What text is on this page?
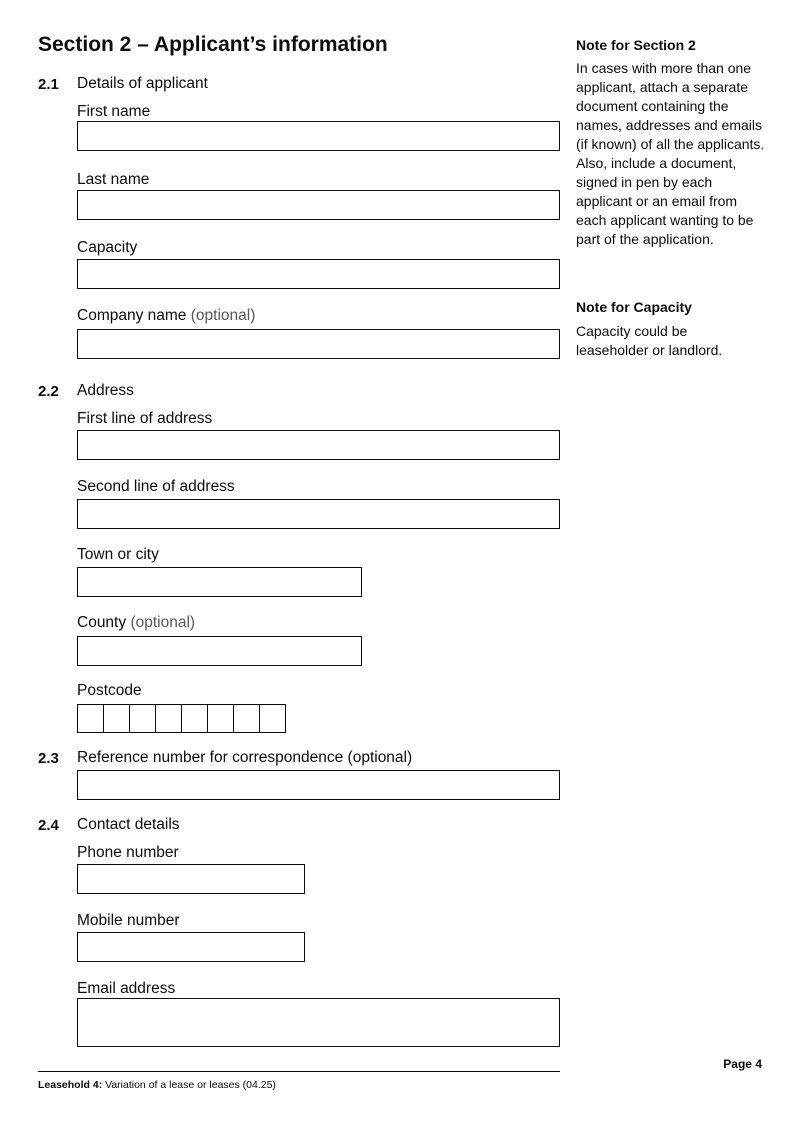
Section 2 – Applicant’s information
2.1 Details of applicant
First name
Last name
Capacity
Company name (optional)
2.2 Address
First line of address
Second line of address
Town or city
County (optional)
Postcode
2.3 Reference number for correspondence (optional)
2.4 Contact details
Phone number
Mobile number
Email address
Note for Section 2
In cases with more than one applicant, attach a separate document containing the names, addresses and emails (if known) of all the applicants. Also, include a document, signed in pen by each applicant or an email from each applicant wanting to be part of the application.
Note for Capacity
Capacity could be leaseholder or landlord.
Page 4
Leasehold 4: Variation of a lease or leases (04.25)
